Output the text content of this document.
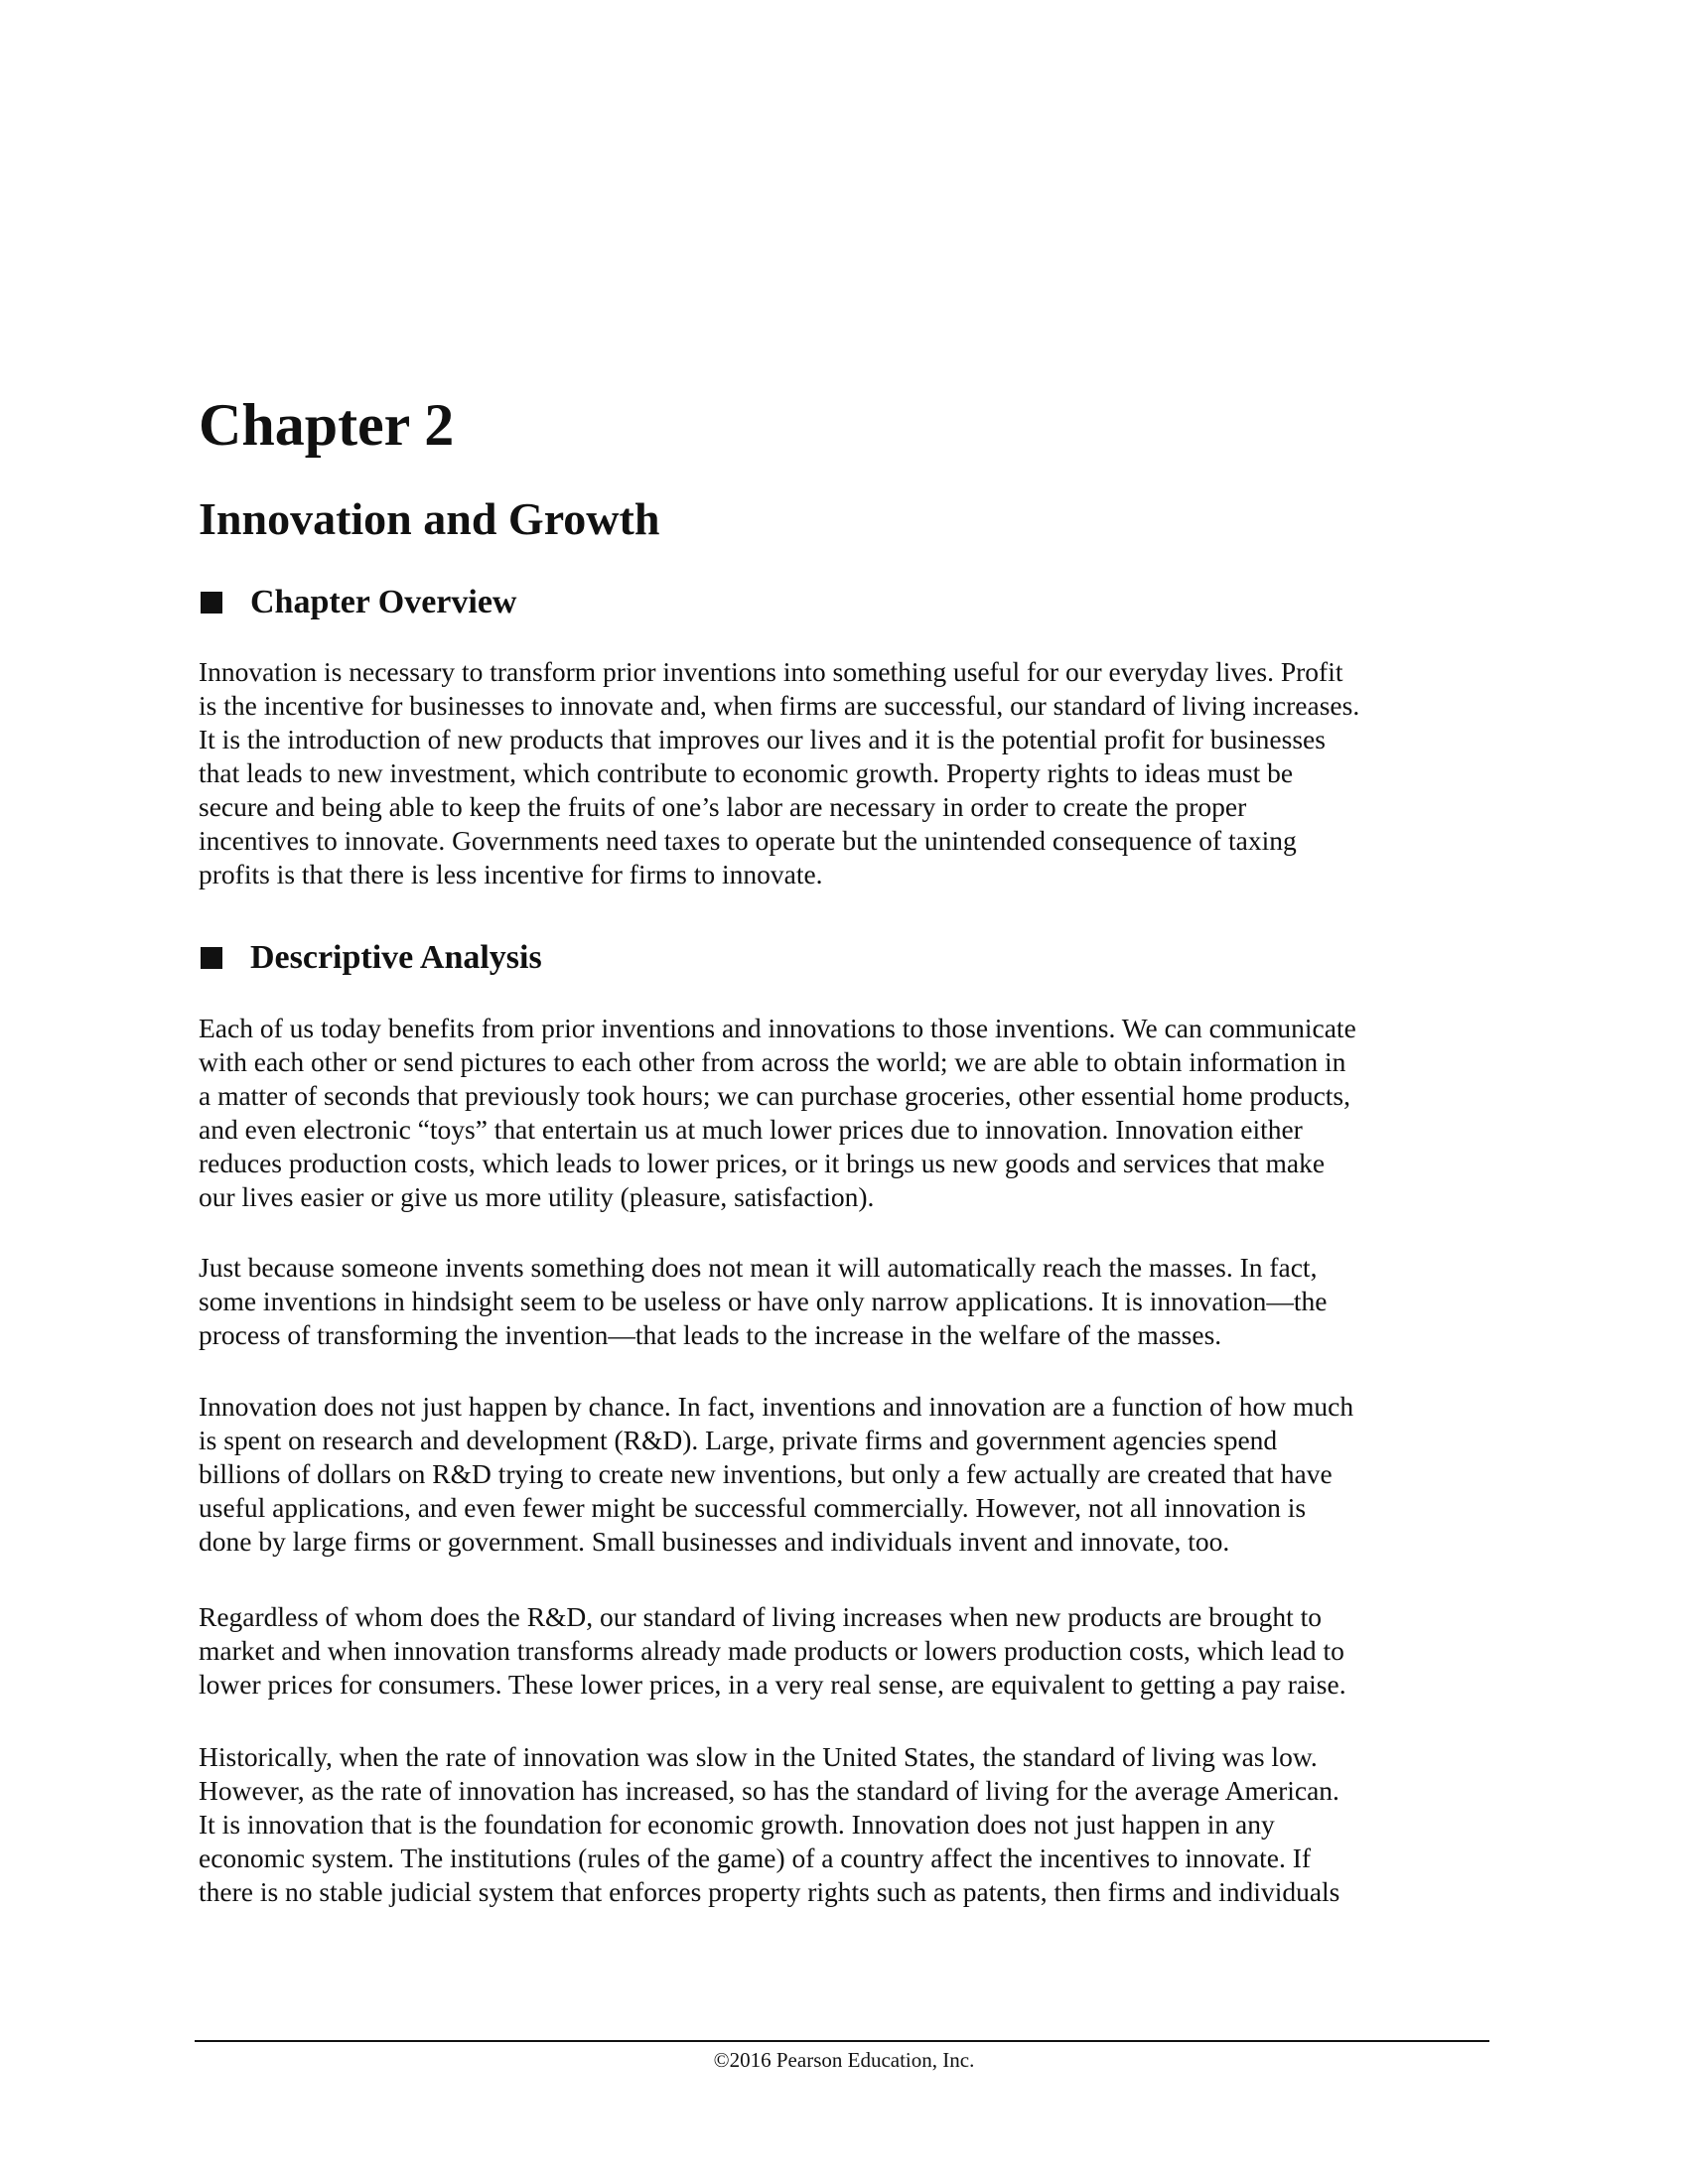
Chapter 2
Innovation and Growth
Chapter Overview

Innovation is necessary to transform prior inventions into something useful for our everyday lives. Profit
is the incentive for businesses to innovate and, when firms are successful, our standard of living increases.
It is the introduction of new products that improves our lives and it is the potential profit for businesses
that leads to new investment, which contribute to economic growth. Property rights to ideas must be
secure and being able to keep the fruits of one’s labor are necessary in order to create the proper
incentives to innovate. Governments need taxes to operate but the unintended consequence of taxing
profits is that there is less incentive for firms to innovate.

Descriptive Analysis

Each of us today benefits from prior inventions and innovations to those inventions. We can communicate
with each other or send pictures to each other from across the world; we are able to obtain information in
a matter of seconds that previously took hours; we can purchase groceries, other essential home products,
and even electronic “toys” that entertain us at much lower prices due to innovation. Innovation either
reduces production costs, which leads to lower prices, or it brings us new goods and services that make
our lives easier or give us more utility (pleasure, satisfaction).

Just because someone invents something does not mean it will automatically reach the masses. In fact,
some inventions in hindsight seem to be useless or have only narrow applications. It is innovation—the
process of transforming the invention—that leads to the increase in the welfare of the masses.

Innovation does not just happen by chance. In fact, inventions and innovation are a function of how much
is spent on research and development (R&D). Large, private firms and government agencies spend
billions of dollars on R&D trying to create new inventions, but only a few actually are created that have
useful applications, and even fewer might be successful commercially. However, not all innovation is
done by large firms or government. Small businesses and individuals invent and innovate, too.

Regardless of whom does the R&D, our standard of living increases when new products are brought to
market and when innovation transforms already made products or lowers production costs, which lead to
lower prices for consumers. These lower prices, in a very real sense, are equivalent to getting a pay raise.

Historically, when the rate of innovation was slow in the United States, the standard of living was low.
However, as the rate of innovation has increased, so has the standard of living for the average American.
It is innovation that is the foundation for economic growth. Innovation does not just happen in any
economic system. The institutions (rules of the game) of a country affect the incentives to innovate. If
there is no stable judicial system that enforces property rights such as patents, then firms and individuals

©2016 Pearson Education, Inc.
